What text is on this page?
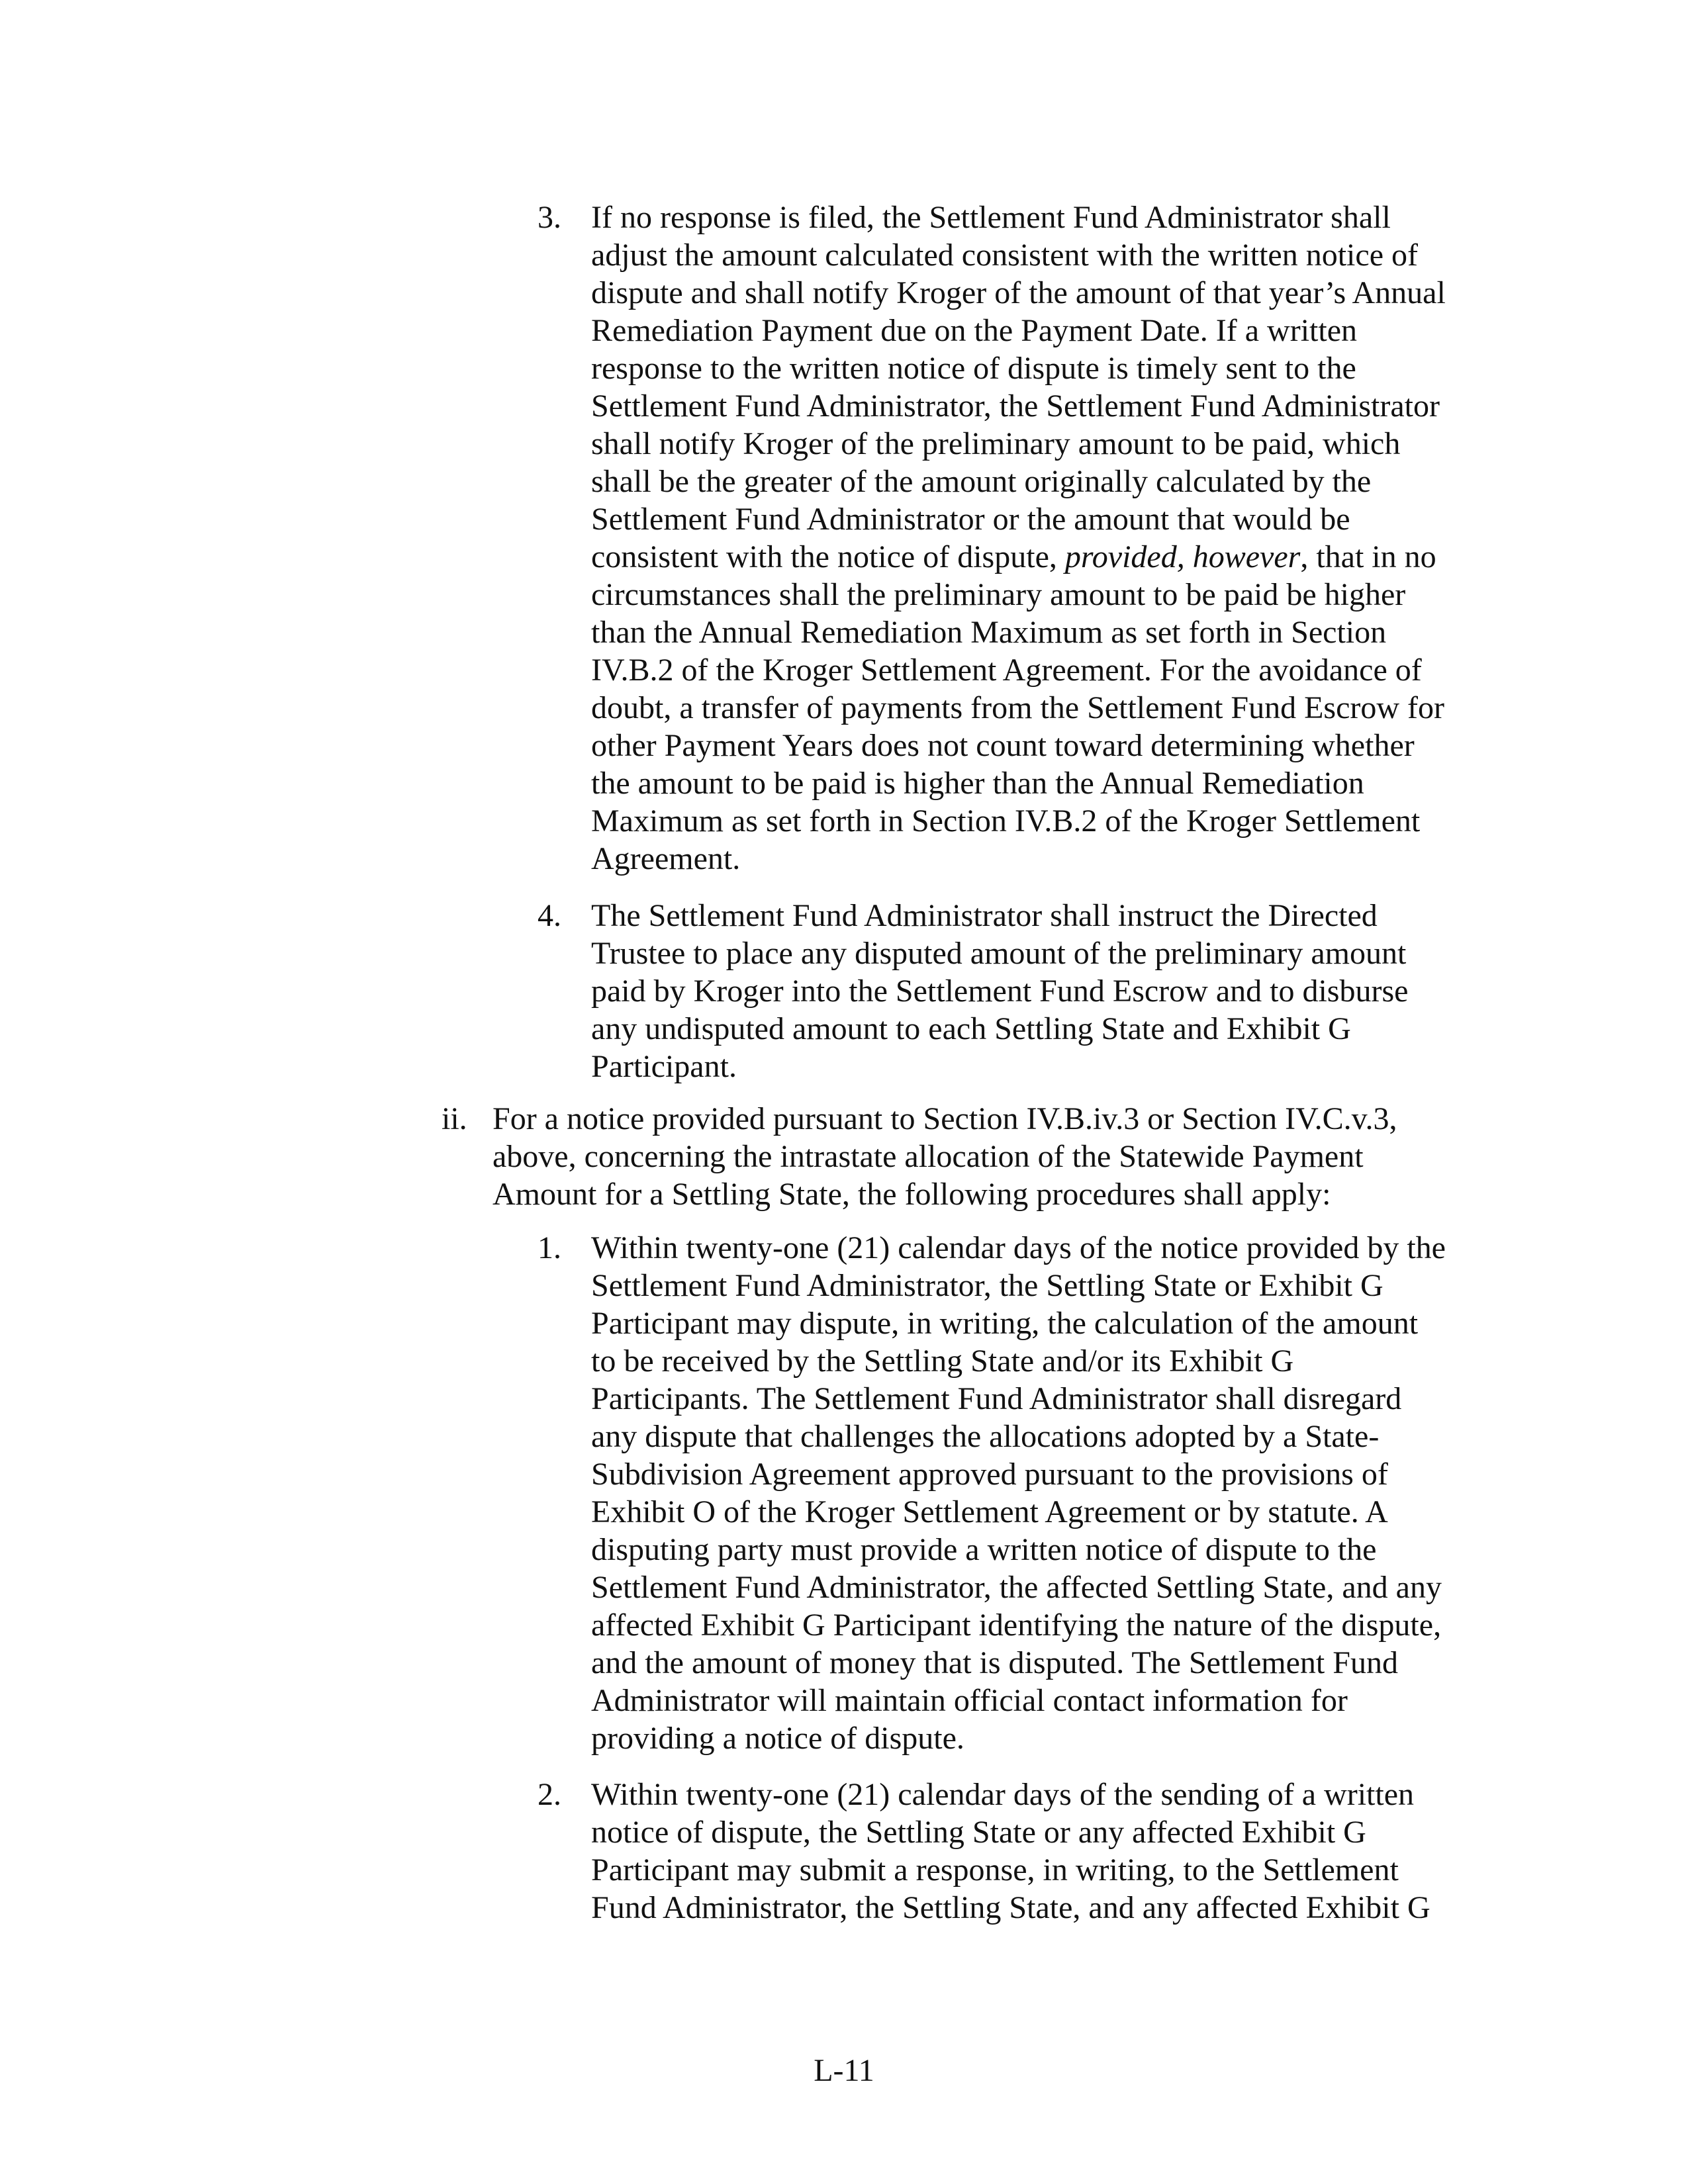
3. If no response is filed, the Settlement Fund Administrator shall
adjust the amount calculated consistent with the written notice of
dispute and shall notify Kroger of the amount of that year’s Annual
Remediation Payment due on the Payment Date. If a written
response to the written notice of dispute is timely sent to the
Settlement Fund Administrator, the Settlement Fund Administrator
shall notify Kroger of the preliminary amount to be paid, which
shall be the greater of the amount originally calculated by the
Settlement Fund Administrator or the amount that would be
consistent with the notice of dispute, provided, however, that in no
circumstances shall the preliminary amount to be paid be higher
than the Annual Remediation Maximum as set forth in Section
IV.B.2 of the Kroger Settlement Agreement. For the avoidance of
doubt, a transfer of payments from the Settlement Fund Escrow for
other Payment Years does not count toward determining whether
the amount to be paid is higher than the Annual Remediation
Maximum as set forth in Section IV.B.2 of the Kroger Settlement
Agreement.
4. The Settlement Fund Administrator shall instruct the Directed
Trustee to place any disputed amount of the preliminary amount
paid by Kroger into the Settlement Fund Escrow and to disburse
any undisputed amount to each Settling State and Exhibit G
Participant.
ii. For a notice provided pursuant to Section IV.B.iv.3 or Section IV.C.v.3,
above, concerning the intrastate allocation of the Statewide Payment
Amount for a Settling State, the following procedures shall apply:
1. Within twenty-one (21) calendar days of the notice provided by the
Settlement Fund Administrator, the Settling State or Exhibit G
Participant may dispute, in writing, the calculation of the amount
to be received by the Settling State and/or its Exhibit G
Participants. The Settlement Fund Administrator shall disregard
any dispute that challenges the allocations adopted by a State-
Subdivision Agreement approved pursuant to the provisions of
Exhibit O of the Kroger Settlement Agreement or by statute. A
disputing party must provide a written notice of dispute to the
Settlement Fund Administrator, the affected Settling State, and any
affected Exhibit G Participant identifying the nature of the dispute,
and the amount of money that is disputed. The Settlement Fund
Administrator will maintain official contact information for
providing a notice of dispute.
2. Within twenty-one (21) calendar days of the sending of a written
notice of dispute, the Settling State or any affected Exhibit G
Participant may submit a response, in writing, to the Settlement
Fund Administrator, the Settling State, and any affected Exhibit G
L-11
